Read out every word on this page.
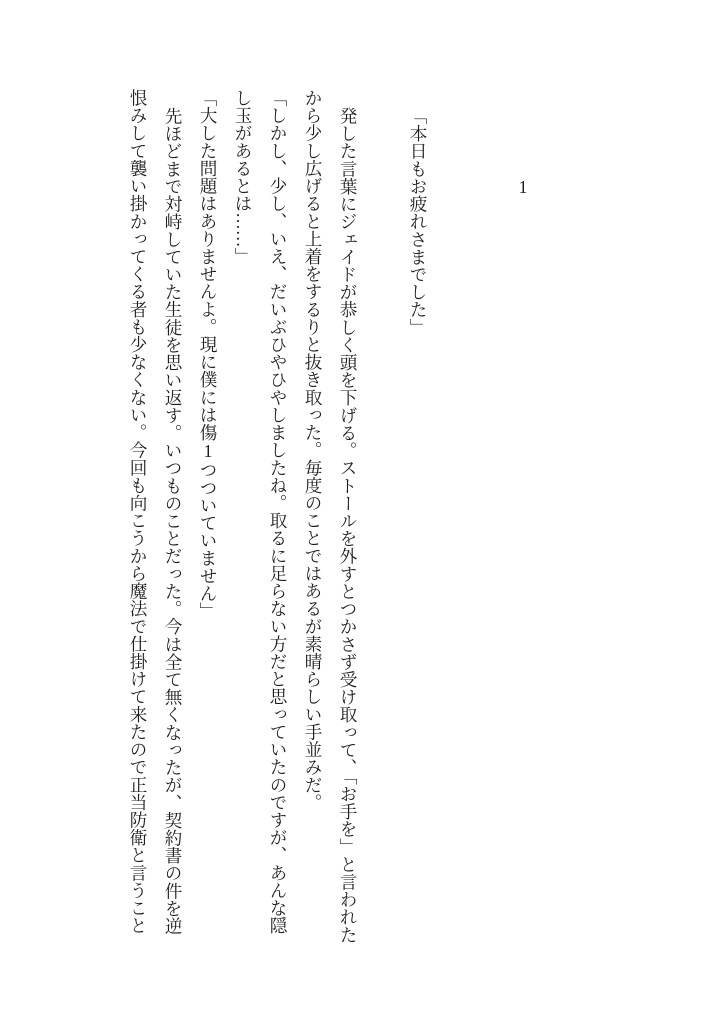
1

「本日もお疲れさまでした」

発した言葉にジェイドが恭しく頭を下げる。ストールを外すとつかさず受け取って、「お手を」と言われた
から少し広げると上着をするりと抜き取った。毎度のことではあるが素晴らしい手並みだ。
「しかし、少し、いえ、だいぶひやひやしましたね。取るに足らない方だと思っていたのですが、あんな隠
し玉があるとは……」
「大した問題はありませんよ。現に僕には傷1つついていません」
先ほどまで対峙していた生徒を思い返す。いつものことだった。今は全て無くなったが、契約書の件を逆
恨みして襲い掛かってくる者も少なくない。今回も向こうから魔法で仕掛けて来たので正当防衛と言うこと
